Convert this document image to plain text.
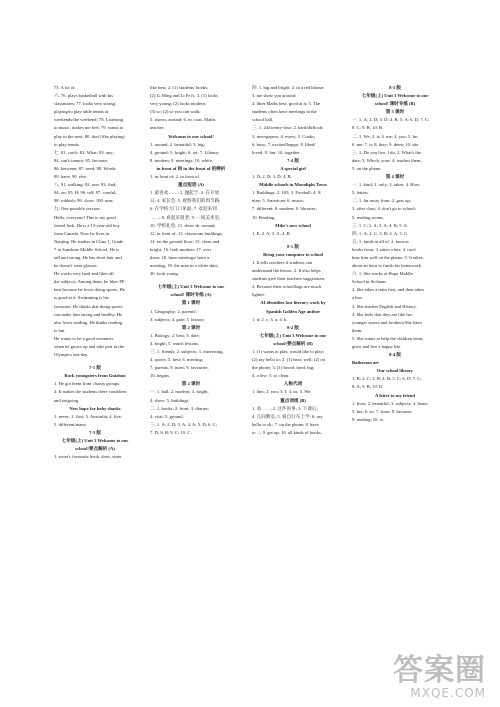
75. A lot of.
六. 76. plays basketball with his
classmates; 77. looks very strong,
playing/to play table tennis at
weekends/the weekend; 78. Listening
to music, makes me feel; 79. wants to
play in the next; 80. don't like playing/
to play tennis.
七. 81. catch; 82. What; 83. any;
84. can't/cannot; 85. because;
86. between; 87. need; 88. Words;
89. have; 90. else.
八. 91. walking; 92. one; 93. find;
94. on; 95. H; 96. tell; 97. careful;
98. rubbish; 99. close; 100. near.
九. One possible version:
Hello, everyone! This is my good
friend Jack. He is a 13-year-old boy
from Canada. Now he lives in
Nanjing. He studies in Class 1, Grade
7 in Sunshine Middle School. He is
tall and strong. He has short hair and
he doesn't wear glasses.
He works very hard and likes all
the subjects. Among them, he likes PE
best because he loves doing sports. He
is good at it. Swimming is his
favourite. He thinks that doing sports
can make him strong and healthy. He
also loves reading. He thinks reading
is fun.
He wants to be a good swimmer
when he grows up and take part in the
Olympics one day.
7-1 版
Rock youngsters from Guizhou
1. He got them from charity groups.
2. It makes the students there confident
and outgoing.
New hope for baby sharks
1. never; 2. first; 3. Australia; 4. live;
5. different/many.
7-3 版
七年级(上) Unit 3 Welcome to our
school!要点解析 (A)
1. sister's favourite book, does, sister
like best; 2. (1) students' books;
(2) Li Ming and Li Fei's; 3. (1) looks
very young; (2) looks modern;
(3) so; (2) so you can walk;
5. shows, around; 6. in, coat, Maths
teacher.
Welcome to our school!
1. around; 2. beautiful; 3. big;
4. ground; 5. bright; 6. art; 7. Library;
8. modern; 9. meetings; 10. white.
in front of 和 in the front of 的辨析
1. in front of; 2. in front of.
重点短语 (A)
1. 最喜欢……; 2. 抛起于; 3. 在开放
日; 4. 家长会; 5. 观察我们的周节路;
6. 在学校大门口见面; 7. 欢迎来到
……; 8. 看起来很老; 9. 一间美术室;
10. 学校礼堂; 11. show sb. around;
12. in front of; 13. classroom buildings;
14. on the ground floor; 15. clean and
bright; 16. look modern; 17. over
there; 18. have meetings/ have a
meeting; 19. the man in a white shirt;
20. look young.
七年级(上) Unit 3 Welcome to our
school! 课时专练 (A)
第 1 课时
1. Geography; 2. parents';
3. subjects; 4. gate; 5. history.
第 2 课时
1. Biology; 2. best; 3. date;
4. bright; 5. watch lessons.
三. 1. friends; 2. subjects; 3. interesting,
4. sports; 5. best; 6. meeting;
7. parents; 8. meet; 9. favourite;
10. begins.
第 2 课时
一. 1. hall; 2. modern; 3. bright;
4. show; 5. buildings.
二. 1. books; 2. front; 3. diaries;
4. visit; 5. ground.
三. 1. A; 2. D; 3. A; 4. A; 5. D; 6. C;
7. D; 8. B; 9. C; 10. C.
四. 1. big and bright; 2. in a red blouse;
3. me show you around;
4. likes Maths best, good at it; 5. The
students often have meetings in the
school hall.
三. 1. 24/twenty-four; 2. hard/difficult;
3. newspapers; 4. every; 5. Cooks;
6. busy; 7. excited/happy; 8. liked/
loved; 9. fun; 10. together.
7-4 版
A special girl
1. D; 2. D; 3. D; 4. B.
Middle schools in Moonlight Town
1. Buildings; 2. 105; 3. Football; 4. 9/
nine; 5. American; 6. music;
7. different; 8. modern; 9. libraries;
10. Reading.
Mike's new school
1. E; 2. A; 3. A; 4. B.
8-1 版
Bring your computer to school
1. It tells teachers if students can
understand the lesson. 2. It also helps
students give their teachers suggestions.
2. Because their schoolbags are much
lighter.
AI identifies lost literary work by
Spanish Golden Age author
1. d; 2. c; 3. a; 4. b.
8-2 版
七年级(上) Unit 3 Welcome to our
school!要点解析 (B)
1. (1) wants to play, would like to play;
(2) say hello to; 2. (1) hear; well; (2) on
the phone; 3. (1) bored; tired; big;
4. a few; 5. to clean.
人称代词
1. him; 2. you; 3. I; 4. us; 5. We.
重点词组 (B)
1. 看……; 2. 这件的事; 3. 下课后;
4. 几间教室; 5. 骑自行车上学; 6. say
hello to sb.; 7. on the phone; 8. have
to ...; 9. get up; 10. all kinds of books.
8-3 版
七年级(上) Unit 3 Welcome to our
school! 课时专练 (B)
第 3 课时
一. 1. A; 2. D; 3. D; 4. B; 5. A; 6. D; 7. C;
8. C; 9. B; 10. B.
二. 1. We; 2. it; 3. me; 4. you; 5. he;
6. me; 7. it; 8. they; 9. them; 10. she.
三. 1. Do you live, I do; 2. What's the
date; 3. Which, your; 4. teaches them;
5. on the phone.
第 4 课时
一. 1. kind; 2. only; 3. takes; 4. How;
5. letters.
二. 1. far away from; 2. gets up;
3. after class; 4. don't go to school;
5. reading rooms.
三. 1. C; 2. A; 3. A; 4. B; 5. A.
四. 1. A; 2. C; 3. B; 4. A; 5. C.
五. 1. funds at all of. 2. borrow
books from; 3. takes a bus; 4. can't
hear him well on the phone; 5. It takes,
about an hour to finish his homework.
六. 1. She works at Hope Middle
School in Sichuan.
2. She takes a train first, and then takes
a bus.
3. She teaches English and History.
4. She feels that they are like her
younger sisters and brothers/She likes
them.
5. She wants to help the children learn,
grow and live a happy life.
8-4 版
Bathroom art
Our school library
1. B; 2. C; 3. B; 4. B; 5. C; 6. D; 7. C;
8. A; 9. B; 10. D.
A letter to my friend
1. lives; 2. beautiful; 3. subjects; 4. learn;
5. her; 6. so; 7. from; 8. because;
9. reading; 10. is.
答案圈
MXQE.COM
